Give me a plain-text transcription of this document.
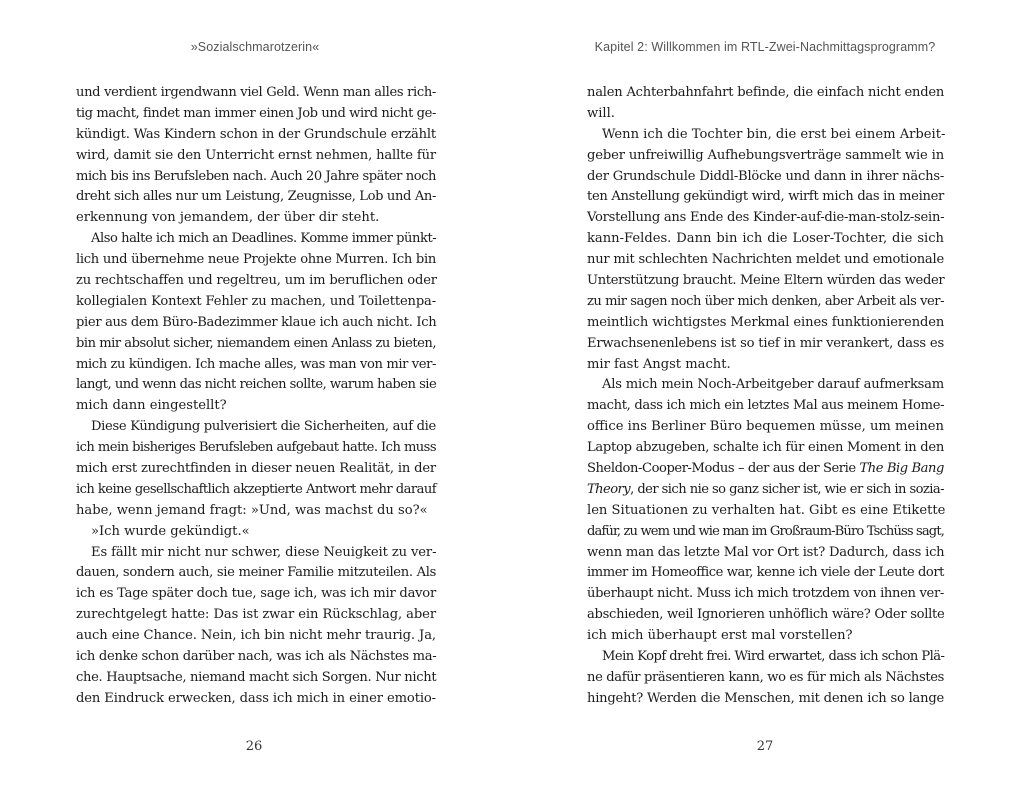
»Sozialschmarotzerin«
und verdient irgendwann viel Geld. Wenn man alles rich-
tig macht, findet man immer einen Job und wird nicht ge-
kündigt. Was Kindern schon in der Grundschule erzählt
wird, damit sie den Unterricht ernst nehmen, hallte für
mich bis ins Berufsleben nach. Auch 20 Jahre später noch
dreht sich alles nur um Leistung, Zeugnisse, Lob und An-
erkennung von jemandem, der über dir steht.
Also halte ich mich an Deadlines. Komme immer pünkt-
lich und übernehme neue Projekte ohne Murren. Ich bin
zu rechtschaffen und regeltreu, um im beruflichen oder
kollegialen Kontext Fehler zu machen, und Toilettenpa-
pier aus dem Büro-Badezimmer klaue ich auch nicht. Ich
bin mir absolut sicher, niemandem einen Anlass zu bieten,
mich zu kündigen. Ich mache alles, was man von mir ver-
langt, und wenn das nicht reichen sollte, warum haben sie
mich dann eingestellt?
Diese Kündigung pulverisiert die Sicherheiten, auf die
ich mein bisheriges Berufsleben aufgebaut hatte. Ich muss
mich erst zurechtfinden in dieser neuen Realität, in der
ich keine gesellschaftlich akzeptierte Antwort mehr darauf
habe, wenn jemand fragt: »Und, was machst du so?«
»Ich wurde gekündigt.«
Es fällt mir nicht nur schwer, diese Neuigkeit zu ver-
dauen, sondern auch, sie meiner Familie mitzuteilen. Als
ich es Tage später doch tue, sage ich, was ich mir davor
zurechtgelegt hatte: Das ist zwar ein Rückschlag, aber
auch eine Chance. Nein, ich bin nicht mehr traurig. Ja,
ich denke schon darüber nach, was ich als Nächstes ma-
che. Hauptsache, niemand macht sich Sorgen. Nur nicht
den Eindruck erwecken, dass ich mich in einer emotio-
26
Kapitel 2: Willkommen im RTL-Zwei-Nachmittagsprogramm?
nalen Achterbahnfahrt befinde, die einfach nicht enden
will.
Wenn ich die Tochter bin, die erst bei einem Arbeit-
geber unfreiwillig Aufhebungsverträge sammelt wie in
der Grundschule Diddl-Blöcke und dann in ihrer nächs-
ten Anstellung gekündigt wird, wirft mich das in meiner
Vorstellung ans Ende des Kinder-auf-die-man-stolz-sein-
kann-Feldes. Dann bin ich die Loser-Tochter, die sich
nur mit schlechten Nachrichten meldet und emotionale
Unterstützung braucht. Meine Eltern würden das weder
zu mir sagen noch über mich denken, aber Arbeit als ver-
meintlich wichtigstes Merkmal eines funktionierenden
Erwachsenenlebens ist so tief in mir verankert, dass es
mir fast Angst macht.
Als mich mein Noch-Arbeitgeber darauf aufmerksam
macht, dass ich mich ein letztes Mal aus meinem Home-
office ins Berliner Büro bequemen müsse, um meinen
Laptop abzugeben, schalte ich für einen Moment in den
Sheldon-Cooper-Modus – der aus der Serie The Big Bang
Theory, der sich nie so ganz sicher ist, wie er sich in sozia-
len Situationen zu verhalten hat. Gibt es eine Etikette
dafür, zu wem und wie man im Großraum-Büro Tschüss sagt,
wenn man das letzte Mal vor Ort ist? Dadurch, dass ich
immer im Homeoffice war, kenne ich viele der Leute dort
überhaupt nicht. Muss ich mich trotzdem von ihnen ver-
abschieden, weil Ignorieren unhöflich wäre? Oder sollte
ich mich überhaupt erst mal vorstellen?
Mein Kopf dreht frei. Wird erwartet, dass ich schon Plä-
ne dafür präsentieren kann, wo es für mich als Nächstes
hingeht? Werden die Menschen, mit denen ich so lange
27
